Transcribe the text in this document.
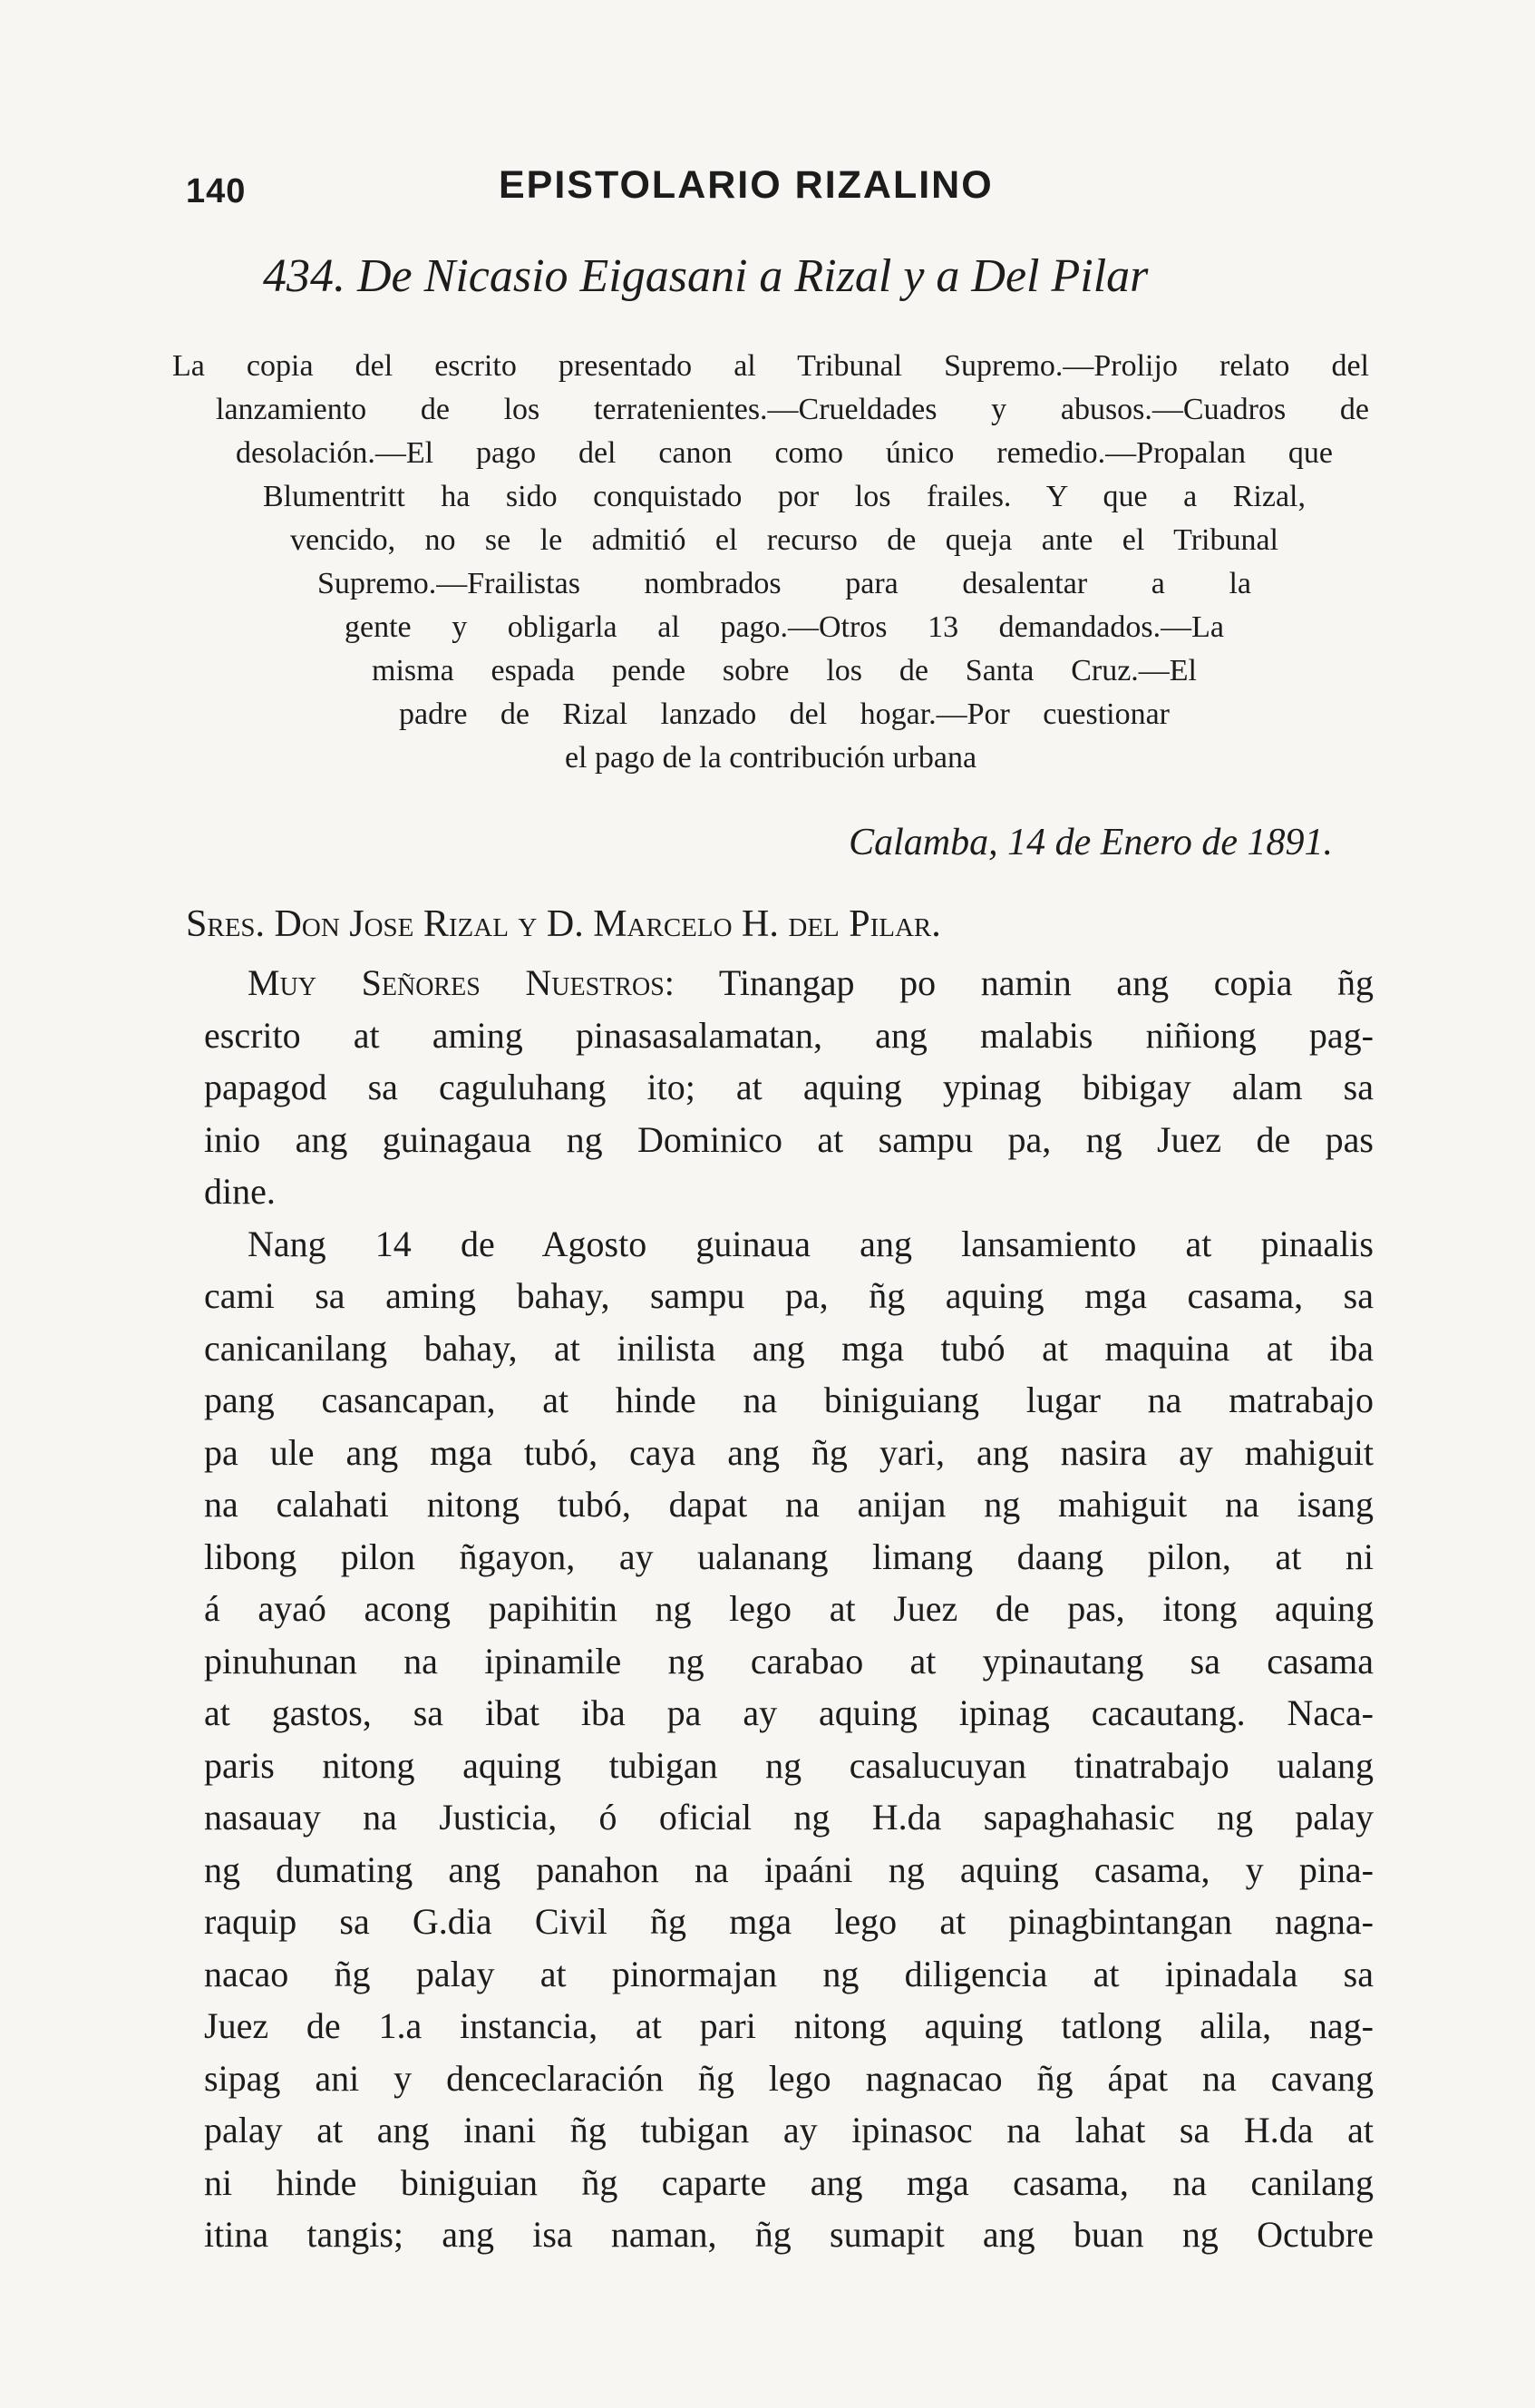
140	EPISTOLARIO RIZALINO
434. De Nicasio Eigasani a Rizal y a Del Pilar
La copia del escrito presentado al Tribunal Supremo.—Prolijo relato del
lanzamiento de los terratenientes.—Crueldades y abusos.—Cuadros de
desolación.—El pago del canon como único remedio.—Propalan que
Blumentritt ha sido conquistado por los frailes. Y que a Rizal,
vencido, no se le admitió el recurso de queja ante el Tribunal
Supremo.—Frailistas nombrados para desalentar a la
gente y obligarla al pago.—Otros 13 demandados.—La
misma espada pende sobre los de Santa Cruz.—El
padre de Rizal lanzado del hogar.—Por cuestionar
el pago de la contribución urbana
Calamba, 14 de Enero de 1891.
Sres. Don Jose Rizal y D. Marcelo H. del Pilar.
Muy Señores Nuestros: Tinangap po namin ang copia ñg
escrito at aming pinasasalamatan, ang malabis niñiong pag-
papagod sa caguluhang ito; at aquing ypinag bibigay alam sa
inio ang guinagaua ng Dominico at sampu pa, ng Juez de pas
dine.
Nang 14 de Agosto guinaua ang lansamiento at pinaalis
cami sa aming bahay, sampu pa, ñg aquing mga casama, sa
canicanilang bahay, at inilista ang mga tubó at maquina at iba
pang casancapan, at hinde na biniguiang lugar na matrabajo
pa ule ang mga tubó, caya ang ñg yari, ang nasira ay mahiguit
na calahati nitong tubó, dapat na anijan ng mahiguit na isang
libong pilon ñgayon, ay ualanang limang daang pilon, at ni
á ayaó acong papihitin ng lego at Juez de pas, itong aquing
pinuhunan na ipinamile ng carabao at ypinautang sa casama
at gastos, sa ibat iba pa ay aquing ipinag cacautang. Naca-
paris nitong aquing tubigan ng casalucuyan tinatrabajo ualang
nasauay na Justicia, ó oficial ng H.da sapaghahasic ng palay
ng dumating ang panahon na ipaáni ng aquing casama, y pina-
raquip sa G.dia Civil ñg mga lego at pinagbintangan nagna-
nacao ñg palay at pinormajan ng diligencia at ipinadala sa
Juez de 1.a instancia, at pari nitong aquing tatlong alila, nag-
sipag ani y denceclaración ñg lego nagnacao ñg ápat na cavang
palay at ang inani ñg tubigan ay ipinasoc na lahat sa H.da at
ni hinde biniguian ñg caparte ang mga casama, na canilang
itina tangis; ang isa naman, ñg sumapit ang buan ng Octubre
